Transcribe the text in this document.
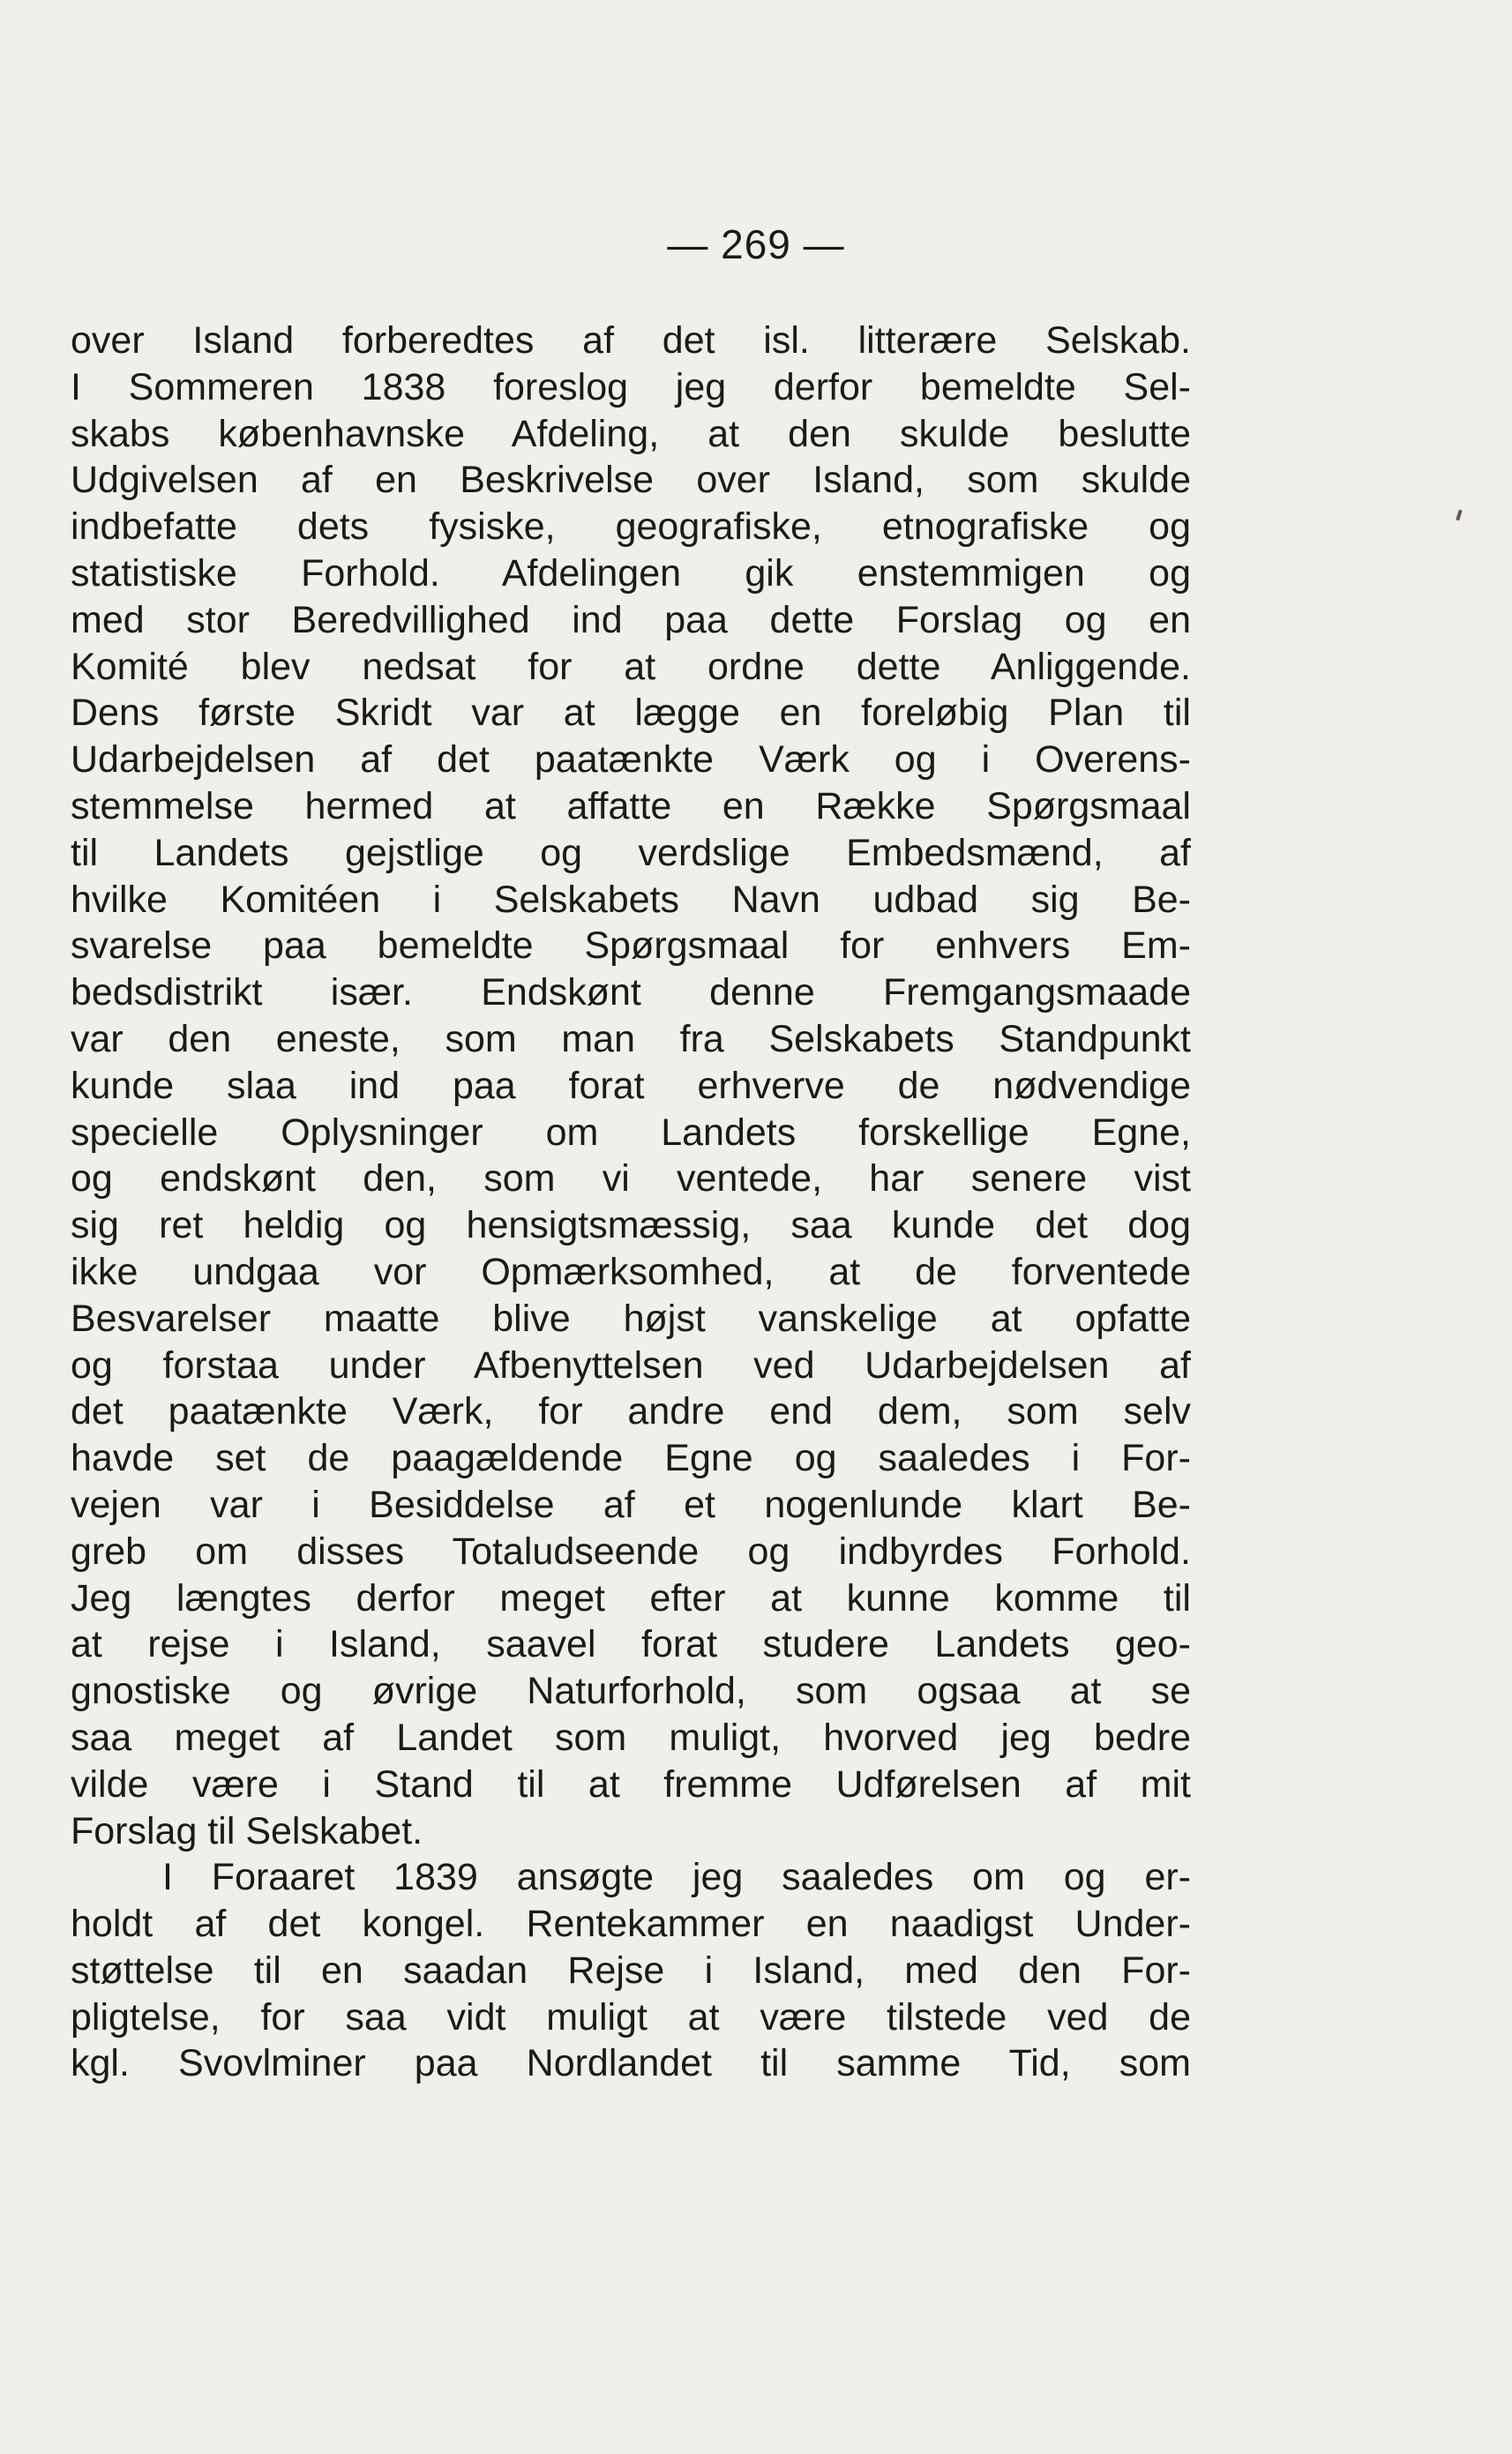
— 269 —
over Island forberedtes af det isl. litterære Selskab.
I Sommeren 1838 foreslog jeg derfor bemeldte Sel-
skabs københavnske Afdeling, at den skulde beslutte
Udgivelsen af en Beskrivelse over Island, som skulde
indbefatte dets fysiske, geografiske, etnografiske og
statistiske Forhold. Afdelingen gik enstemmigen og
med stor Beredvillighed ind paa dette Forslag og en
Komité blev nedsat for at ordne dette Anliggende.
Dens første Skridt var at lægge en foreløbig Plan til
Udarbejdelsen af det paatænkte Værk og i Overens-
stemmelse hermed at affatte en Række Spørgsmaal
til Landets gejstlige og verdslige Embedsmænd, af
hvilke Komitéen i Selskabets Navn udbad sig Be-
svarelse paa bemeldte Spørgsmaal for enhvers Em-
bedsdistrikt især. Endskønt denne Fremgangsmaade
var den eneste, som man fra Selskabets Standpunkt
kunde slaa ind paa forat erhverve de nødvendige
specielle Oplysninger om Landets forskellige Egne,
og endskønt den, som vi ventede, har senere vist
sig ret heldig og hensigtsmæssig, saa kunde det dog
ikke undgaa vor Opmærksomhed, at de forventede
Besvarelser maatte blive højst vanskelige at opfatte
og forstaa under Afbenyttelsen ved Udarbejdelsen af
det paatænkte Værk, for andre end dem, som selv
havde set de paagældende Egne og saaledes i For-
vejen var i Besiddelse af et nogenlunde klart Be-
greb om disses Totaludseende og indbyrdes Forhold.
Jeg længtes derfor meget efter at kunne komme til
at rejse i Island, saavel forat studere Landets geo-
gnostiske og øvrige Naturforhold, som ogsaa at se
saa meget af Landet som muligt, hvorved jeg bedre
vilde være i Stand til at fremme Udførelsen af mit
Forslag til Selskabet.
I Foraaret 1839 ansøgte jeg saaledes om og er-
holdt af det kongel. Rentekammer en naadigst Under-
støttelse til en saadan Rejse i Island, med den For-
pligtelse, for saa vidt muligt at være tilstede ved de
kgl. Svovlminer paa Nordlandet til samme Tid, som
